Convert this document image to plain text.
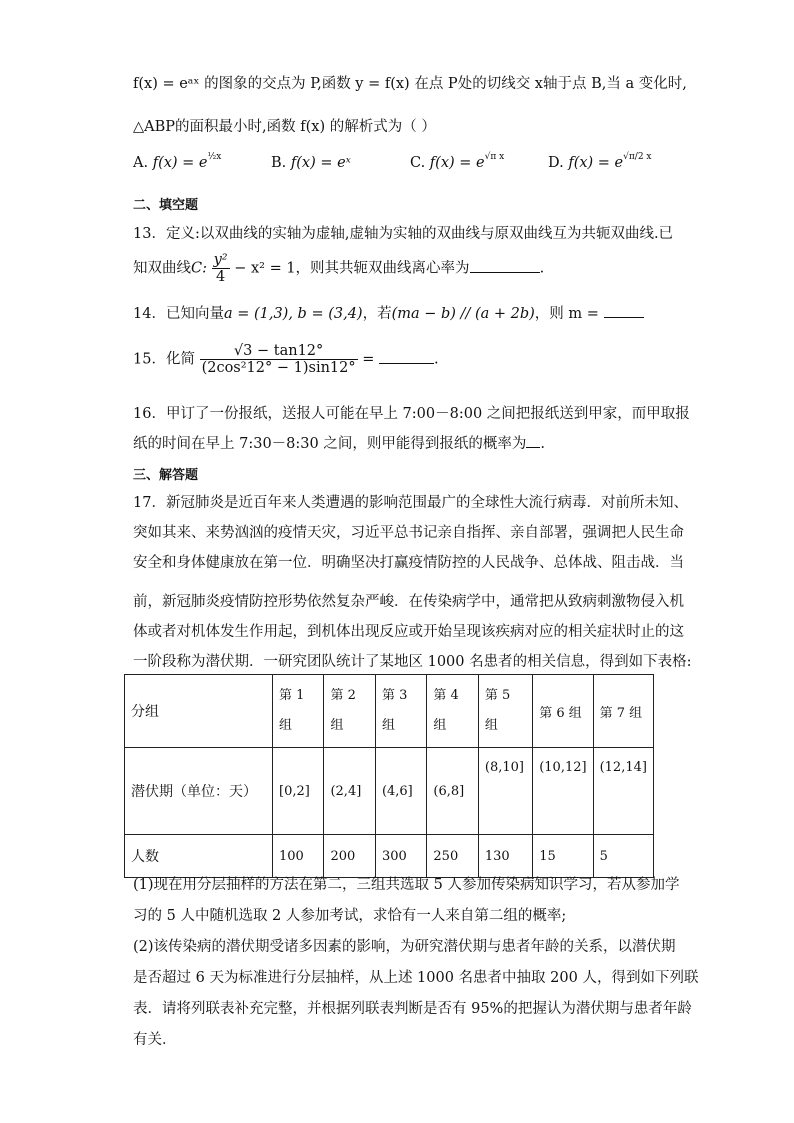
f(x) = eᵃˣ 的图象的交点为 P,函数 y = f(x) 在点 P处的切线交 x轴于点 B,当 a 变化时,
△ABP的面积最小时,函数 f(x) 的解析式为（ ）
A. $f(x) = e^{\frac{1}{2}x}$	B. f(x) = eˣ	C. $f(x) = e^{√\pi x}$	D. $f(x) = e^{√\pi/2 x}$
二、填空题
13．定义:以双曲线的实轴为虚轴,虚轴为实轴的双曲线与原双曲线互为共轭双曲线.已
知双曲线C: $\frac{\text{y²}}{4} - x^2 = 1$，则其共轭双曲线离心率为	.
14．已知向量a = (1,3), b = (3,4)，若(ma − b) // (a + 2b)，则 m =
15．化简 $\frac{√3 - \tan 12^\circ}{\text{(2cos²12° − 1)sin12°}}$ =	.
16．甲订了一份报纸，送报人可能在早上 7:00－8:00 之间把报纸送到甲家，而甲取报
纸的时间在早上 7:30－8:30 之间，则甲能得到报纸的概率为 .
三、解答题
17．新冠肺炎是近百年来人类遭遇的影响范围最广的全球性大流行病毒．对前所未知、
突如其来、来势汹汹的疫情天灾，习近平总书记亲自指挥、亲自部署，强调把人民生命
安全和身体健康放在第一位．明确坚决打赢疫情防控的人民战争、总体战、阻击战．当
前，新冠肺炎疫情防控形势依然复杂严峻．在传染病学中，通常把从致病刺激物侵入机
体或者对机体发生作用起，到机体出现反应或开始呈现该疾病对应的相关症状时止的这
一阶段称为潜伏期．一研究团队统计了某地区 1000 名患者的相关信息，得到如下表格:
分组	第 1 组	第 2 组	第 3 组	第 4 组	第 5 组	第 6 组	第 7 组
潜伏期（单位：天）	[0,2]	(2,4]	(4,6]	(6,8]	(8,10]	(10,12]	(12,14]
人数	100	200	300	250	130	15	5
(1)现在用分层抽样的方法在第二，三组共选取 5 人参加传染病知识学习，若从参加学
习的 5 人中随机选取 2 人参加考试，求恰有一人来自第二组的概率;
(2)该传染病的潜伏期受诸多因素的影响，为研究潜伏期与患者年龄的关系，以潜伏期
是否超过 6 天为标准进行分层抽样，从上述 1000 名患者中抽取 200 人，得到如下列联
表．请将列联表补充完整，并根据列联表判断是否有 95%的把握认为潜伏期与患者年龄
有关．
